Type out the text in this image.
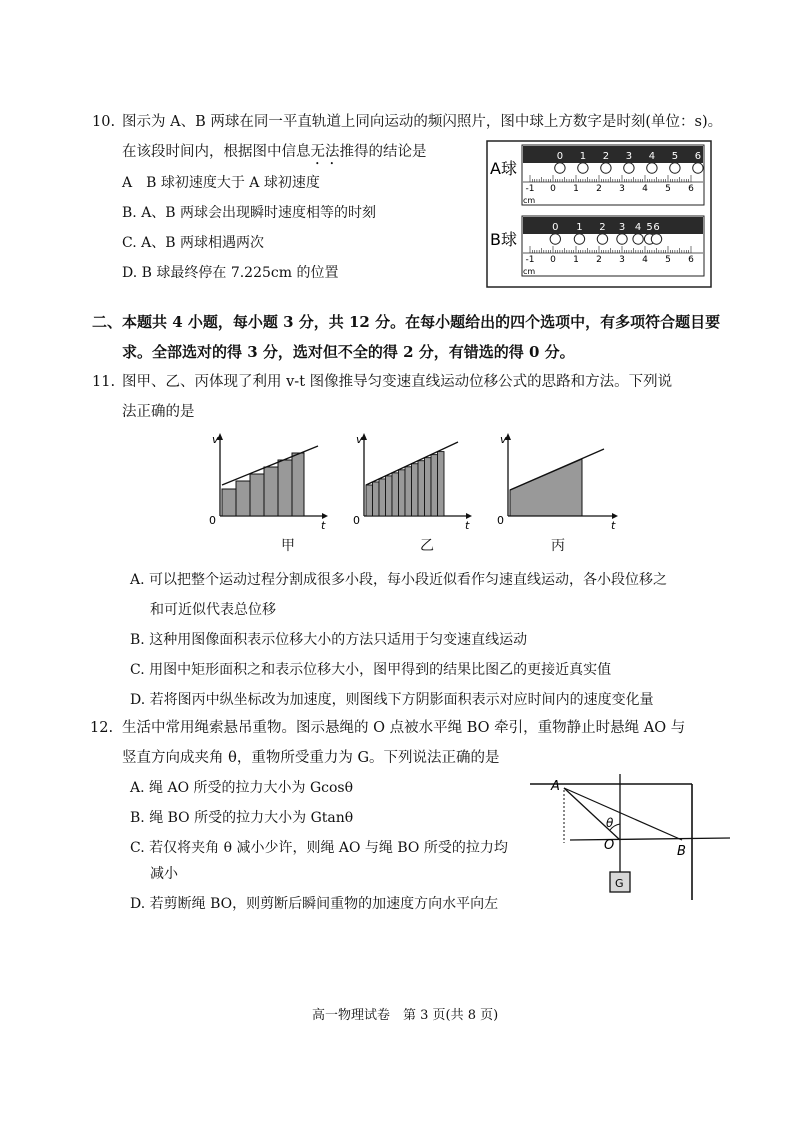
10. 图示为 A、B 两球在同一平直轨道上同向运动的频闪照片，图中球上方数字是时刻(单位：s)。
在该段时间内，根据图中信息无法推得的结论是
A　B 球初速度大于 A 球初速度
B. A、B 两球会出现瞬时速度相等的时刻
C. A、B 两球相遇两次
D. B 球最终停在 7.225cm 的位置
A球
0 1 2 3 4 5 6
-1 0 1 2 3 4 5 6
cm
B球
0 1 2 3 4 5 6
-1 0 1 2 3 4 5 6
cm
二、本题共 4 小题，每小题 3 分，共 12 分。在每小题给出的四个选项中，有多项符合题目要
求。全部选对的得 3 分，选对但不全的得 2 分，有错选的得 0 分。
11. 图甲、乙、丙体现了利用 v-t 图像推导匀变速直线运动位移公式的思路和方法。下列说
法正确的是
v
0	t
甲
v
0	t
乙
v
0	t
丙
A. 可以把整个运动过程分割成很多小段，每小段近似看作匀速直线运动，各小段位移之
和可近似代表总位移
B. 这种用图像面积表示位移大小的方法只适用于匀变速直线运动
C. 用图中矩形面积之和表示位移大小，图甲得到的结果比图乙的更接近真实值
D. 若将图丙中纵坐标改为加速度，则图线下方阴影面积表示对应时间内的速度变化量
12. 生活中常用绳索悬吊重物。图示悬绳的 O 点被水平绳 BO 牵引，重物静止时悬绳 AO 与
竖直方向成夹角 θ，重物所受重力为 G。下列说法正确的是
A. 绳 AO 所受的拉力大小为 Gcosθ
B. 绳 BO 所受的拉力大小为 Gtanθ
C. 若仅将夹角 θ 减小少许，则绳 AO 与绳 BO 所受的拉力均
减小
D. 若剪断绳 BO，则剪断后瞬间重物的加速度方向水平向左
A
O	B
θ
G
高一物理试卷　第 3 页(共 8 页)
